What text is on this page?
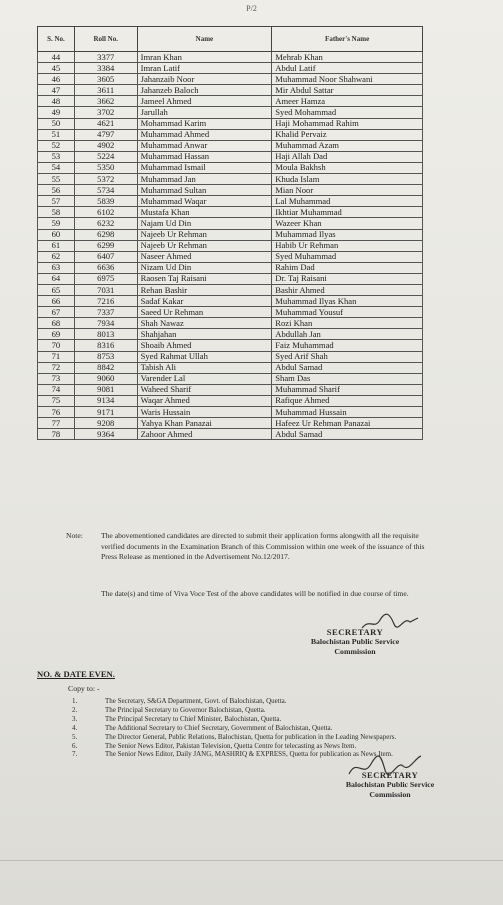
P/2
S. No.	Roll No.	Name	Father's Name
44	3377	Imran Khan	Mehrab Khan
45	3384	Imran Latif	Abdul Latif
46	3605	Jahanzaib Noor	Muhammad Noor Shahwani
47	3611	Jahanzeb Baloch	Mir Abdul Sattar
48	3662	Jameel Ahmed	Ameer Hamza
49	3702	Jarullah	Syed Mohammad
50	4621	Mohammad Karim	Haji Mohammad Rahim
51	4797	Muhammad Ahmed	Khalid Pervaiz
52	4902	Muhammad Anwar	Muhammad Azam
53	5224	Muhammad Hassan	Haji Allah Dad
54	5350	Muhammad Ismail	Moula Bakhsh
55	5372	Muhammad Jan	Khuda Islam
56	5734	Muhammad Sultan	Mian Noor
57	5839	Muhammad Waqar	Lal Muhammad
58	6102	Mustafa Khan	Ikhtiar Muhammad
59	6232	Najam Ud Din	Wazeer Khan
60	6298	Najeeb Ur Rehman	Muhammad Ilyas
61	6299	Najeeb Ur Rehman	Habib Ur Rehman
62	6407	Naseer Ahmed	Syed Muhammad
63	6636	Nizam Ud Din	Rahim Dad
64	6975	Raosen Taj Raisani	Dr. Taj Raisani
65	7031	Rehan Bashir	Bashir Ahmed
66	7216	Sadaf Kakar	Muhammad Ilyas Khan
67	7337	Saeed Ur Rehman	Muhammad Yousuf
68	7934	Shah Nawaz	Rozi Khan
69	8013	Shahjahan	Abdullah Jan
70	8316	Shoaib Ahmed	Faiz Muhammad
71	8753	Syed Rahmat Ullah	Syed Arif Shah
72	8842	Tabish Ali	Abdul Samad
73	9060	Varender Lal	Sham Das
74	9081	Waheed Sharif	Muhammad Sharif
75	9134	Waqar Ahmed	Rafique Ahmed
76	9171	Waris Hussain	Muhammad Hussain
77	9208	Yahya Khan Panazai	Hafeez Ur Rehman Panazai
78	9364	Zahoor Ahmed	Abdul Samad
Note: The abovementioned candidates are directed to submit their application forms alongwith all the requisite verified documents in the Examination Branch of this Commission within one week of the issuance of this Press Release as mentioned in the Advertisement No.12/2017.
The date(s) and time of Viva Voce Test of the above candidates will be notified in due course of time.
SECRETARY
Balochistan Public Service
Commission
NO. & DATE EVEN.
Copy to: -
1.	The Secretary, S&GA Department, Govt. of Balochistan, Quetta.
2.	The Principal Secretary to Governor Balochistan, Quetta.
3.	The Principal Secretary to Chief Minister, Balochistan, Quetta.
4.	The Additional Secretary to Chief Secretary, Government of Balochistan, Quetta.
5.	The Director General, Public Relations, Balochistan, Quetta for publication in the Leading Newspapers.
6.	The Senior News Editor, Pakistan Television, Quetta Centre for telecasting as News Item.
7.	The Senior News Editor, Daily JANG, MASHRIQ & EXPRESS, Quetta for publication as News Item.
SECRETARY
Balochistan Public Service
Commission
